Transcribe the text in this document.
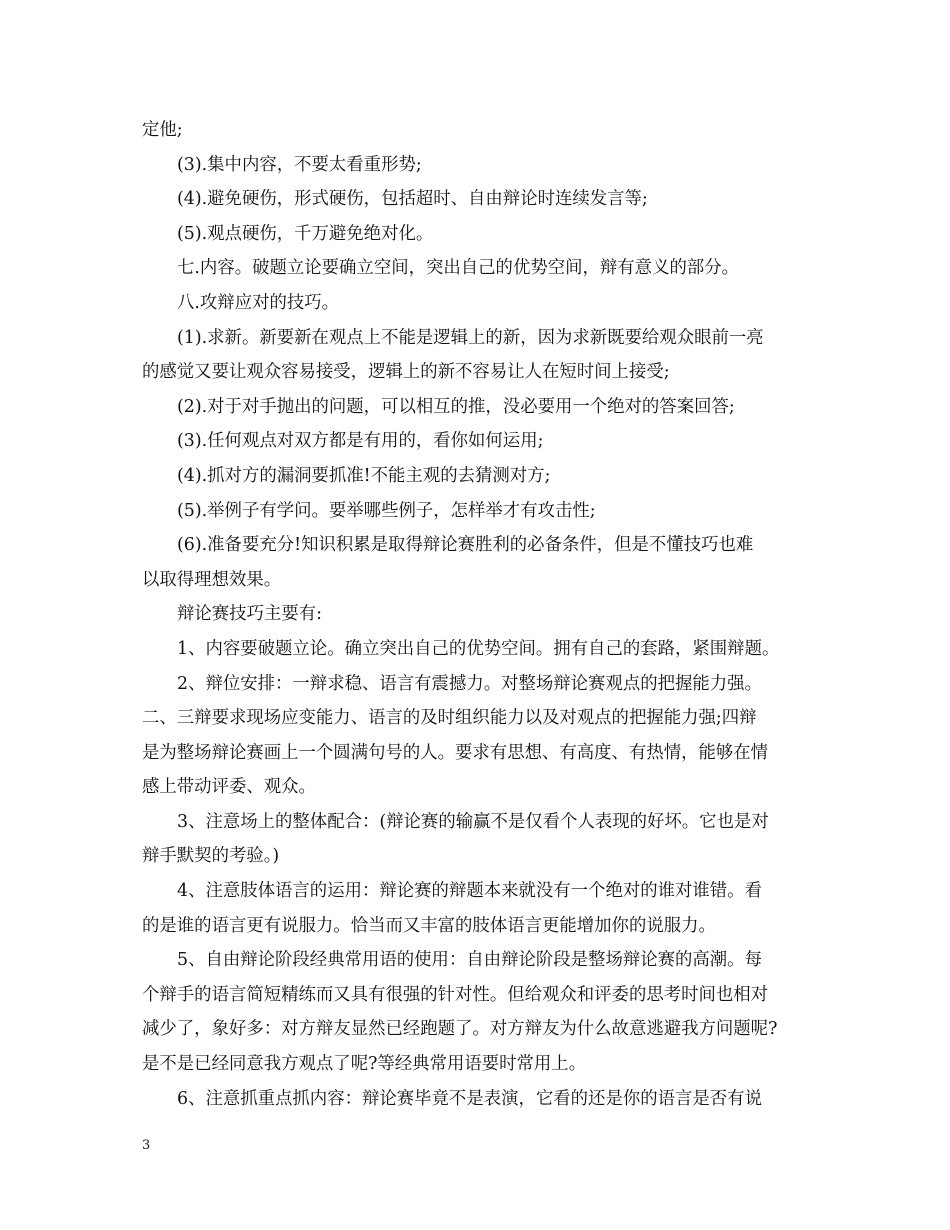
定他;
(3).集中内容，不要太看重形势;
(4).避免硬伤，形式硬伤，包括超时、自由辩论时连续发言等;
(5).观点硬伤，千万避免绝对化。
七.内容。破题立论要确立空间，突出自己的优势空间，辩有意义的部分。
八.攻辩应对的技巧。
(1).求新。新要新在观点上不能是逻辑上的新，因为求新既要给观众眼前一亮
的感觉又要让观众容易接受，逻辑上的新不容易让人在短时间上接受;
(2).对于对手抛出的问题，可以相互的推，没必要用一个绝对的答案回答;
(3).任何观点对双方都是有用的，看你如何运用;
(4).抓对方的漏洞要抓准!不能主观的去猜测对方;
(5).举例子有学问。要举哪些例子，怎样举才有攻击性;
(6).准备要充分!知识积累是取得辩论赛胜利的必备条件，但是不懂技巧也难
以取得理想效果。
辩论赛技巧主要有:
1、内容要破题立论。确立突出自己的优势空间。拥有自己的套路，紧围辩题。
2、辩位安排：一辩求稳、语言有震撼力。对整场辩论赛观点的把握能力强。
二、三辩要求现场应变能力、语言的及时组织能力以及对观点的把握能力强;四辩
是为整场辩论赛画上一个圆满句号的人。要求有思想、有高度、有热情，能够在情
感上带动评委、观众。
3、注意场上的整体配合：(辩论赛的输赢不是仅看个人表现的好坏。它也是对
辩手默契的考验。)
4、注意肢体语言的运用：辩论赛的辩题本来就没有一个绝对的谁对谁错。看
的是谁的语言更有说服力。恰当而又丰富的肢体语言更能增加你的说服力。
5、自由辩论阶段经典常用语的使用：自由辩论阶段是整场辩论赛的高潮。每
个辩手的语言简短精练而又具有很强的针对性。但给观众和评委的思考时间也相对
减少了，象好多：对方辩友显然已经跑题了。对方辩友为什么故意逃避我方问题呢?
是不是已经同意我方观点了呢?等经典常用语要时常用上。
6、注意抓重点抓内容：辩论赛毕竟不是表演，它看的还是你的语言是否有说
3
